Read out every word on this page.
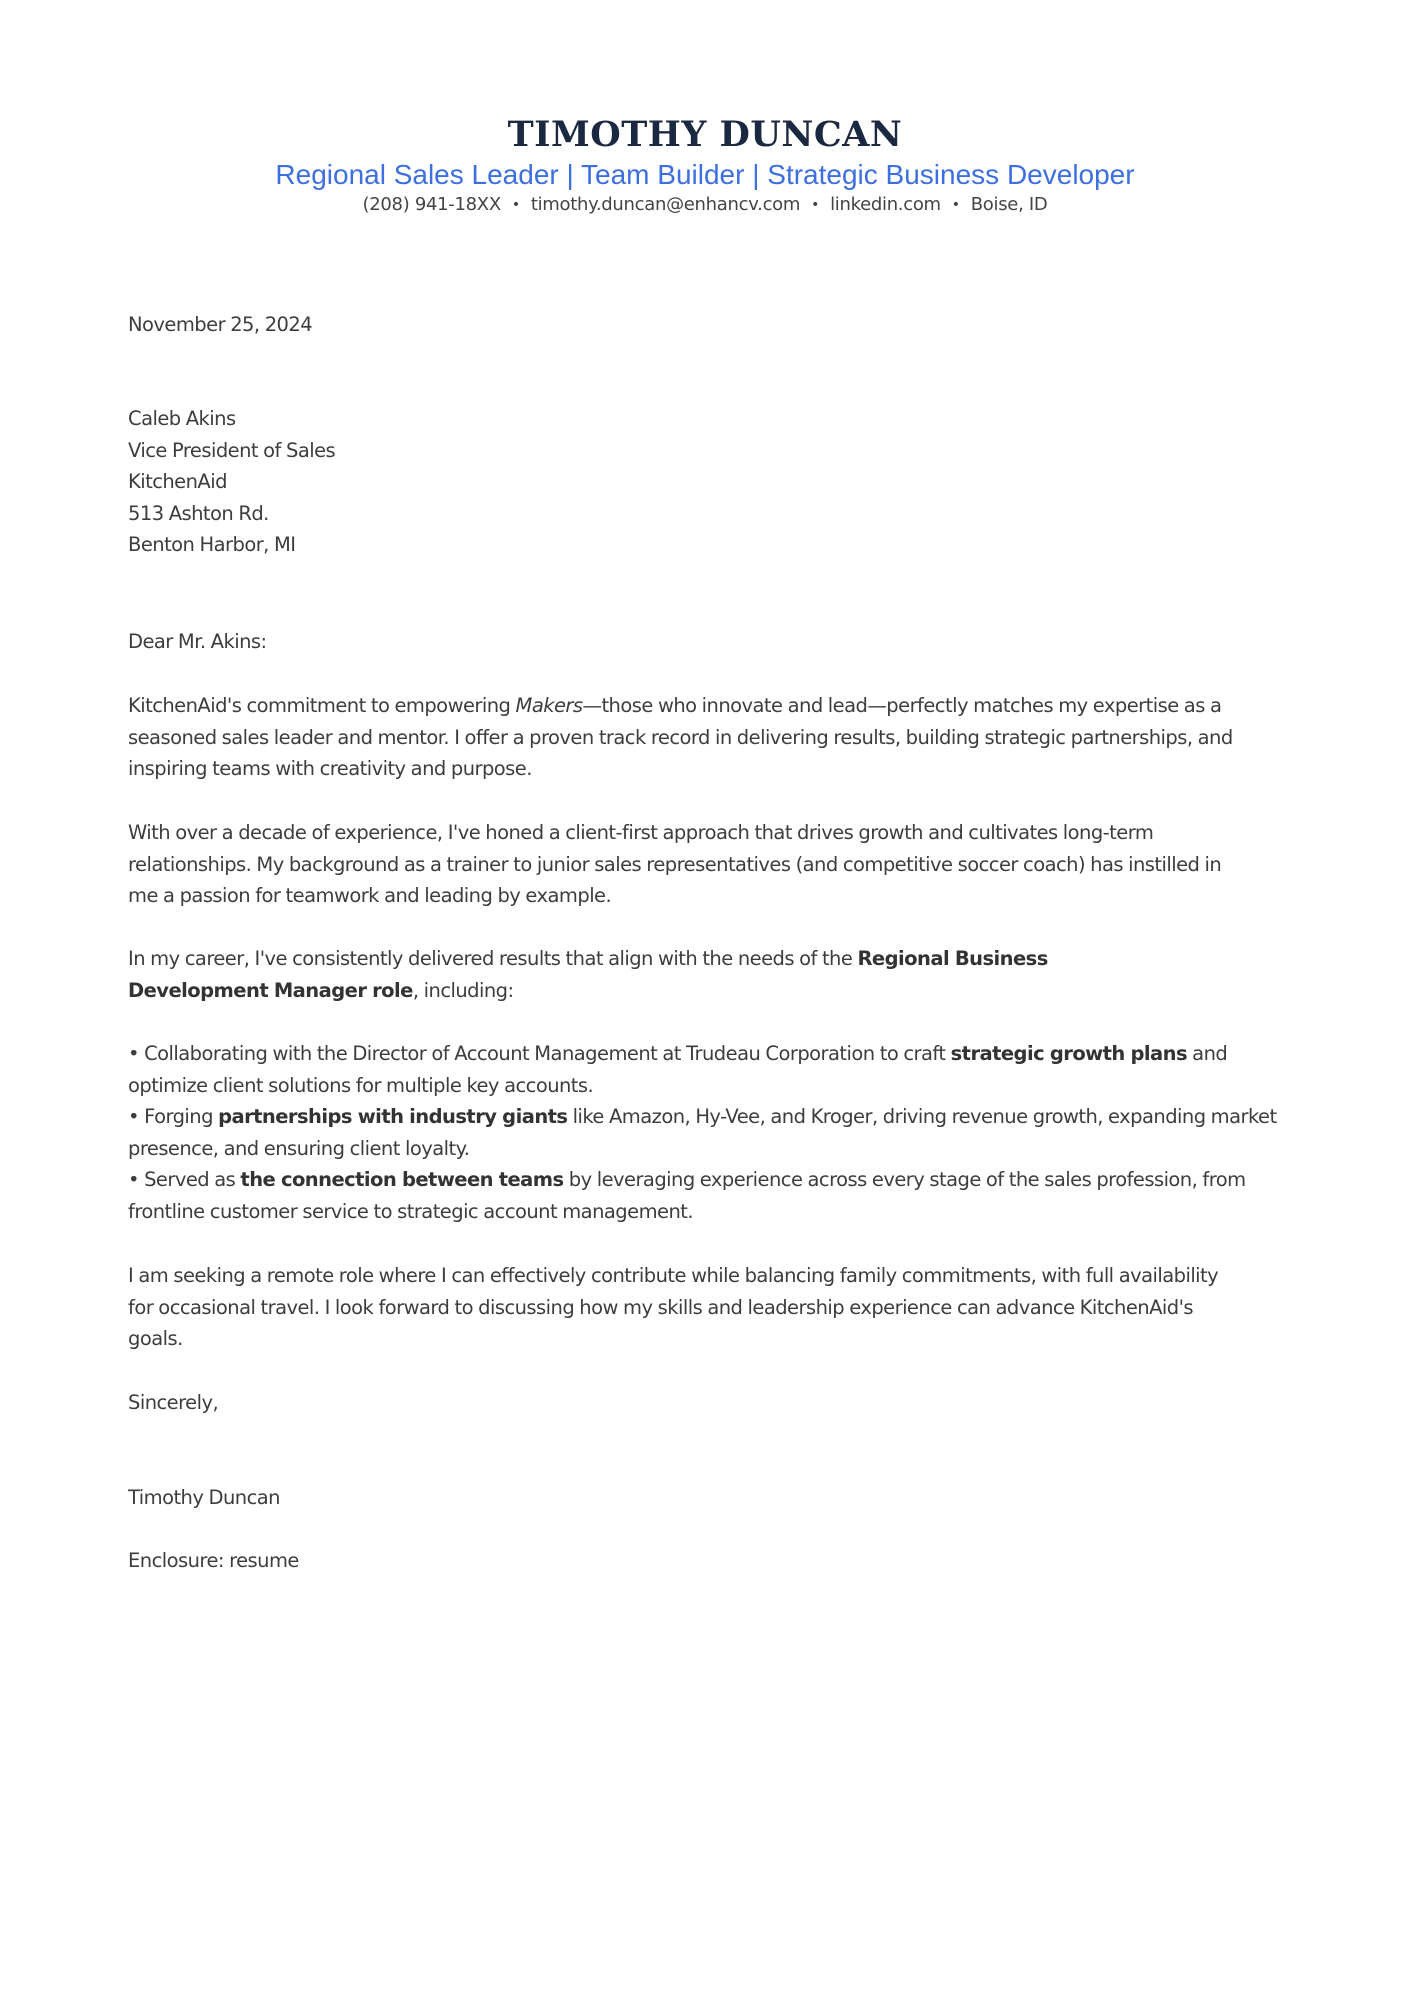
TIMOTHY DUNCAN
Regional Sales Leader | Team Builder | Strategic Business Developer
(208) 941-18XX • timothy.duncan@enhancv.com • linkedin.com • Boise, ID
November 25, 2024
Caleb Akins
Vice President of Sales
KitchenAid
513 Ashton Rd.
Benton Harbor, MI
Dear Mr. Akins:
KitchenAid's commitment to empowering Makers—those who innovate and lead—perfectly matches my expertise as a
seasoned sales leader and mentor. I offer a proven track record in delivering results, building strategic partnerships, and
inspiring teams with creativity and purpose.
With over a decade of experience, I've honed a client-first approach that drives growth and cultivates long-term
relationships. My background as a trainer to junior sales representatives (and competitive soccer coach) has instilled in
me a passion for teamwork and leading by example.
In my career, I've consistently delivered results that align with the needs of the Regional Business
Development Manager role, including:
• Collaborating with the Director of Account Management at Trudeau Corporation to craft strategic growth plans and
optimize client solutions for multiple key accounts.
• Forging partnerships with industry giants like Amazon, Hy-Vee, and Kroger, driving revenue growth, expanding market
presence, and ensuring client loyalty.
• Served as the connection between teams by leveraging experience across every stage of the sales profession, from
frontline customer service to strategic account management.
I am seeking a remote role where I can effectively contribute while balancing family commitments, with full availability
for occasional travel. I look forward to discussing how my skills and leadership experience can advance KitchenAid's
goals.
Sincerely,
Timothy Duncan
Enclosure: resume
